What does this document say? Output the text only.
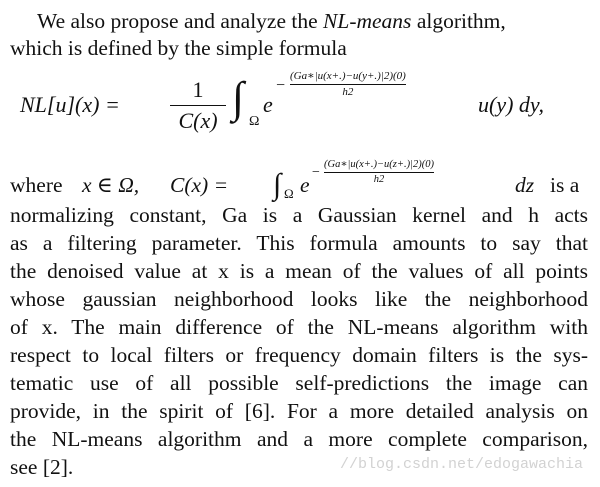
We also propose and analyze the NL-means algorithm,
which is defined by the simple formula
NL[u](x) =
1
C(x) ∫ Ω
e
−
(Ga∗|u(x+.)−u(y+.)|2)(0)
h2	u(y) dy,
where x ∈ Ω, C(x) = ∫ Ω e
−
(Ga∗|u(x+.)−u(z+.)|2)(0)
h2	dz is a
normalizing constant, Ga is a Gaussian kernel and h acts
as a filtering parameter. This formula amounts to say that
the denoised value at x is a mean of the values of all points
whose gaussian neighborhood looks like the neighborhood
of x. The main difference of the NL-means algorithm with
respect to local filters or frequency domain filters is the sys-
tematic use of all possible self-predictions the image can
provide, in the spirit of [6]. For a more detailed analysis on
the NL-means algorithm and a more complete comparison,
see [2].	//blog.csdn.net/edogawachia
